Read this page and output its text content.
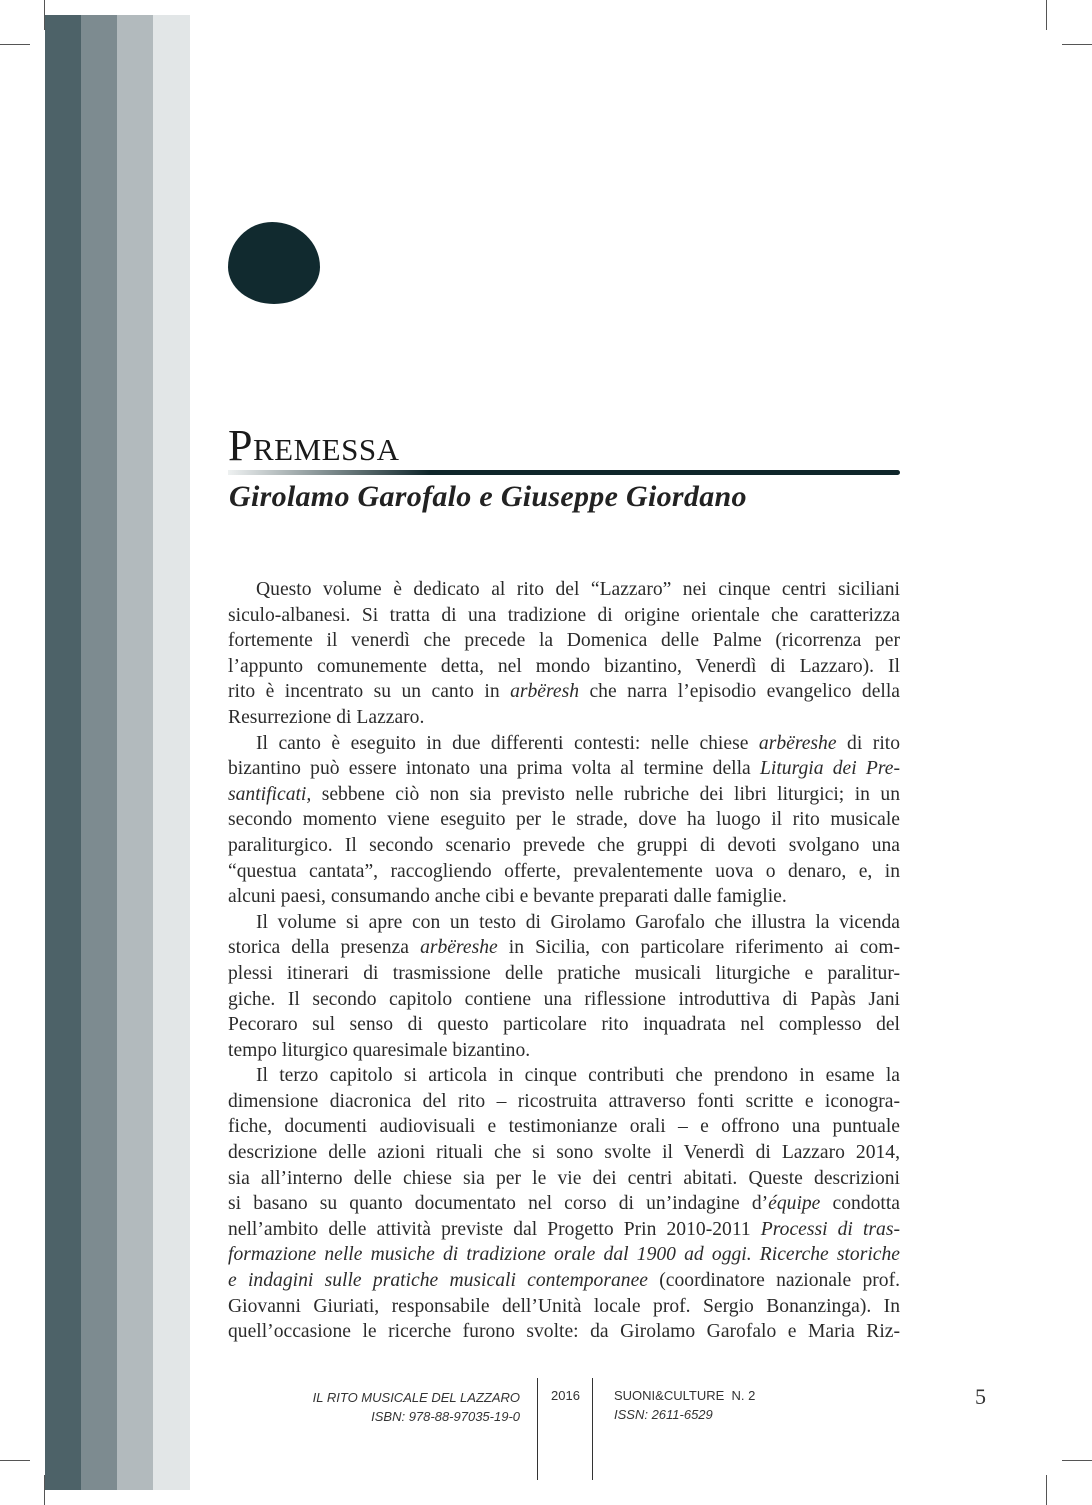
Premessa
Girolamo Garofalo e Giuseppe Giordano
Questo volume è dedicato al rito del “Lazzaro” nei cinque centri siciliani
siculo-albanesi. Si tratta di una tradizione di origine orientale che caratterizza
fortemente il venerdì che precede la Domenica delle Palme (ricorrenza per
l’appunto comunemente detta, nel mondo bizantino, Venerdì di Lazzaro). Il
rito è incentrato su un canto in arbëresh che narra l’episodio evangelico della
Resurrezione di Lazzaro.
Il canto è eseguito in due differenti contesti: nelle chiese arbëreshe di rito
bizantino può essere intonato una prima volta al termine della Liturgia dei Pre-
santificati, sebbene ciò non sia previsto nelle rubriche dei libri liturgici; in un
secondo momento viene eseguito per le strade, dove ha luogo il rito musicale
paraliturgico. Il secondo scenario prevede che gruppi di devoti svolgano una
“questua cantata”, raccogliendo offerte, prevalentemente uova o denaro, e, in
alcuni paesi, consumando anche cibi e bevante preparati dalle famiglie.
Il volume si apre con un testo di Girolamo Garofalo che illustra la vicenda
storica della presenza arbëreshe in Sicilia, con particolare riferimento ai com-
plessi itinerari di trasmissione delle pratiche musicali liturgiche e paralitur-
giche. Il secondo capitolo contiene una riflessione introduttiva di Papàs Jani
Pecoraro sul senso di questo particolare rito inquadrata nel complesso del
tempo liturgico quaresimale bizantino.
Il terzo capitolo si articola in cinque contributi che prendono in esame la
dimensione diacronica del rito – ricostruita attraverso fonti scritte e iconogra-
fiche, documenti audiovisuali e testimonianze orali – e offrono una puntuale
descrizione delle azioni rituali che si sono svolte il Venerdì di Lazzaro 2014,
sia all’interno delle chiese sia per le vie dei centri abitati. Queste descrizioni
si basano su quanto documentato nel corso di un’indagine d’équipe condotta
nell’ambito delle attività previste dal Progetto Prin 2010-2011 Processi di tras-
formazione nelle musiche di tradizione orale dal 1900 ad oggi. Ricerche storiche
e indagini sulle pratiche musicali contemporanee (coordinatore nazionale prof.
Giovanni Giuriati, responsabile dell’Unità locale prof. Sergio Bonanzinga). In
quell’occasione le ricerche furono svolte: da Girolamo Garofalo e Maria Riz-
IL RITO MUSICALE DEL LAZZARO
ISBN: 978-88-97035-19-0
2016	SUONI&CULTURE  N. 2
ISSN: 2611-6529
5
